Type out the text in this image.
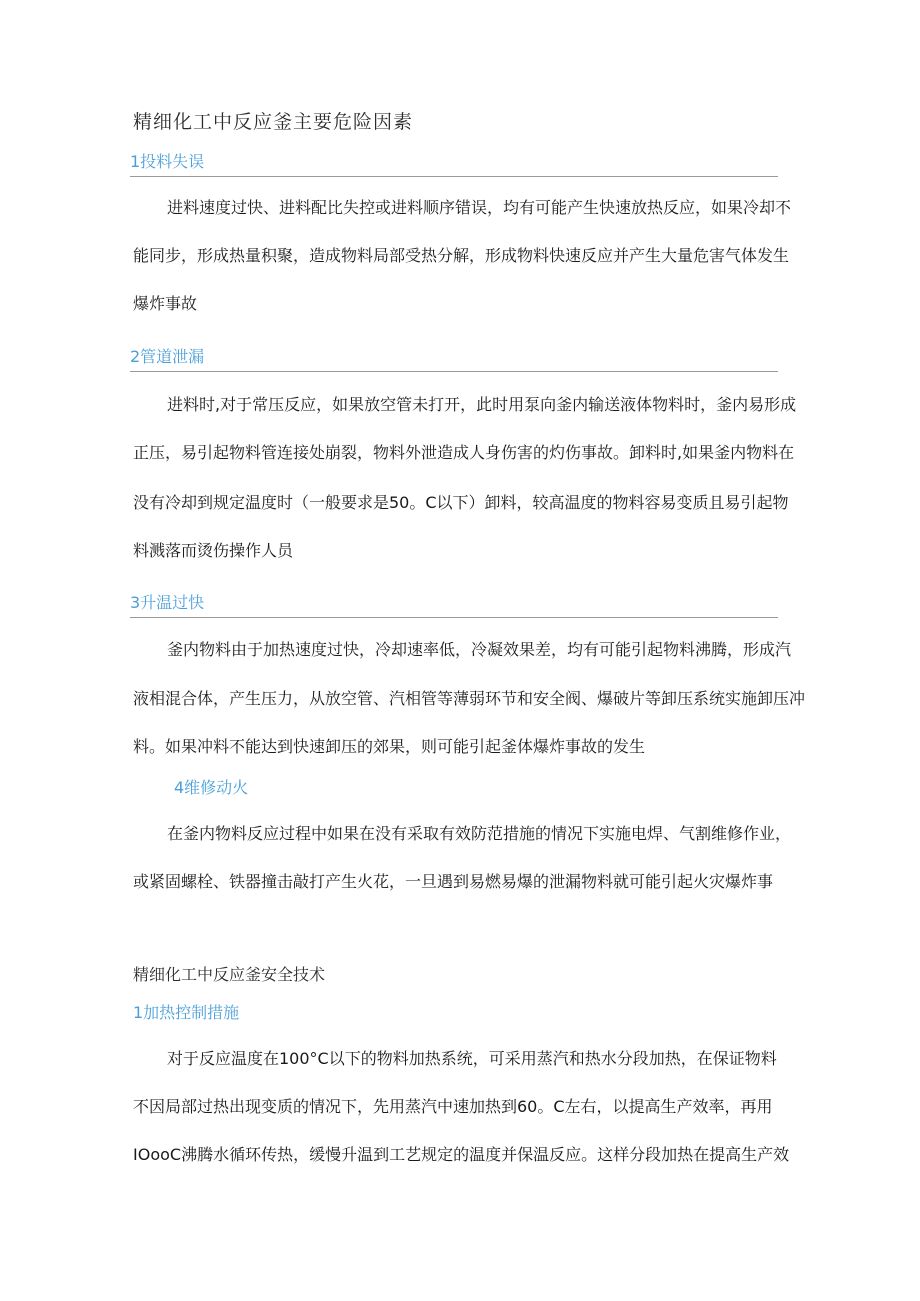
精细化工中反应釜主要危险因素
1投料失误
进料速度过快、进料配比失控或进料顺序错误，均有可能产生快速放热反应，如果冷却不
能同步，形成热量积聚，造成物料局部受热分解，形成物料快速反应并产生大量危害气体发生
爆炸事故
2管道泄漏
进料时,对于常压反应，如果放空管未打开，此时用泵向釜内输送液体物料时，釜内易形成
正压，易引起物料管连接处崩裂，物料外泄造成人身伤害的灼伤事故。卸料时,如果釜内物料在
没有冷却到规定温度时（一般要求是50。C以下）卸料，较高温度的物料容易变质且易引起物
料溅落而烫伤操作人员
3升温过快
釜内物料由于加热速度过快，冷却速率低，冷凝效果差，均有可能引起物料沸腾，形成汽
液相混合体，产生压力，从放空管、汽相管等薄弱环节和安全阀、爆破片等卸压系统实施卸压冲
料。如果冲料不能达到快速卸压的郊果，则可能引起釜体爆炸事故的发生
4维修动火
在釜内物料反应过程中如果在没有采取有效防范措施的情况下实施电焊、气割维修作业，
或紧固螺栓、铁器撞击敲打产生火花，一旦遇到易燃易爆的泄漏物料就可能引起火灾爆炸事
精细化工中反应釜安全技术
1加热控制措施
对于反应温度在100°C以下的物料加热系统，可采用蒸汽和热水分段加热，在保证物料
不因局部过热出现变质的情况下，先用蒸汽中速加热到60。C左右，以提高生产效率，再用
IOooC沸腾水循环传热，缓慢升温到工艺规定的温度并保温反应。这样分段加热在提高生产效
